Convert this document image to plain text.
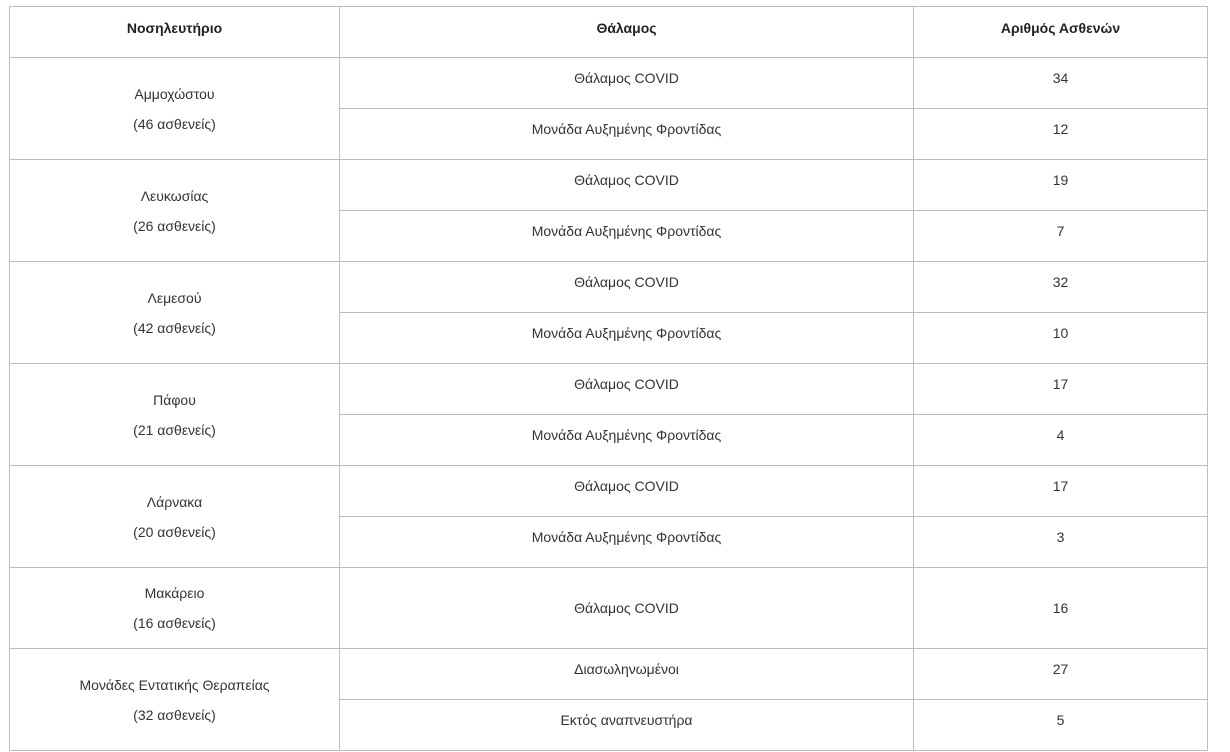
Νοσηλευτήριο	Θάλαμος	Αριθμός Ασθενών

Αμμοχώστου
(46 ασθενείς)	Θάλαμος COVID	34
	Μονάδα Αυξημένης Φροντίδας	12

Λευκωσίας
(26 ασθενείς)	Θάλαμος COVID	19
	Μονάδα Αυξημένης Φροντίδας	7

Λεμεσού
(42 ασθενείς)	Θάλαμος COVID	32
	Μονάδα Αυξημένης Φροντίδας	10

Πάφου
(21 ασθενείς)	Θάλαμος COVID	17
	Μονάδα Αυξημένης Φροντίδας	4

Λάρνακα
(20 ασθενείς)	Θάλαμος COVID	17
	Μονάδα Αυξημένης Φροντίδας	3

Μακάρειο
(16 ασθενείς)	Θάλαμος COVID	16

Μονάδες Εντατικής Θεραπείας
(32 ασθενείς)	Διασωληνωμένοι	27
	Εκτός αναπνευστήρα	5
